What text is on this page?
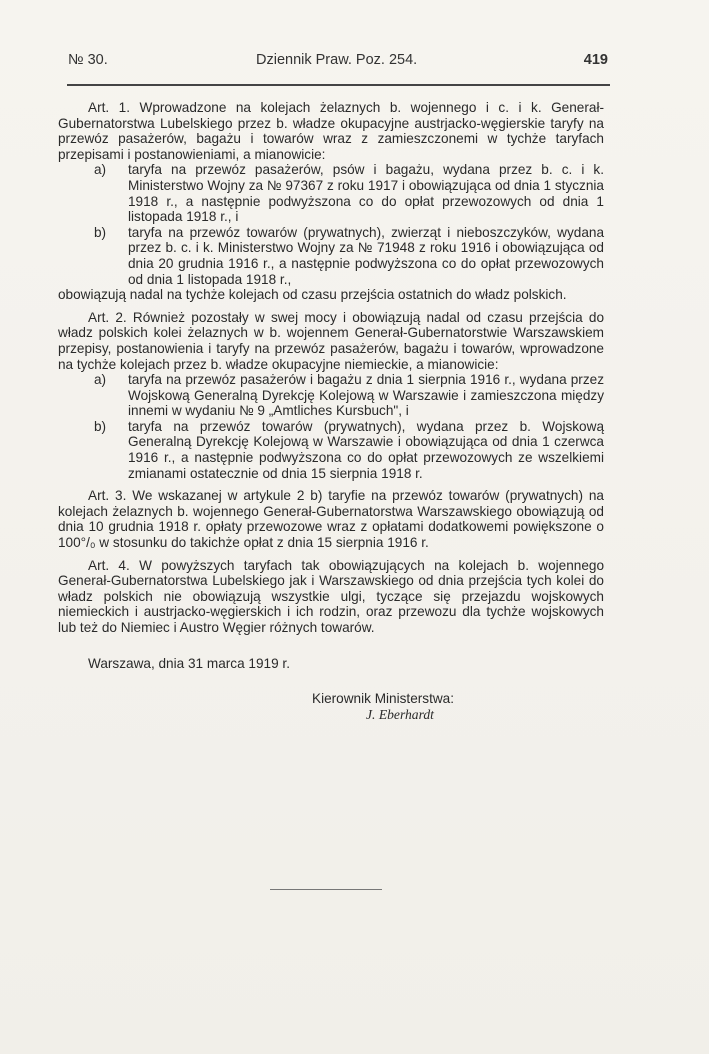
№ 30.	Dziennik Praw. Poz. 254.	419

Art. 1. Wprowadzone na kolejach żelaznych b. wojennego i c. i k. Generał-Gubernatorstwa Lubelskiego przez b. władze okupacyjne austrjacko-węgierskie taryfy na przewóz pasażerów, bagażu i towarów wraz z zamieszczonemi w tychże taryfach przepisami i postanowieniami, a mianowicie:

a)	taryfa na przewóz pasażerów, psów i bagażu, wydana przez b. c. i k. Ministerstwo Wojny za № 97367 z roku 1917 i obowiązująca od dnia 1 stycznia 1918 r., a następnie podwyższona co do opłat przewozowych od dnia 1 listopada 1918 r., i

b)	taryfa na przewóz towarów (prywatnych), zwierząt i nieboszczyków, wydana przez b. c. i k. Ministerstwo Wojny za № 71948 z roku 1916 i obowiązująca od dnia 20 grudnia 1916 r., a następnie podwyższona co do opłat przewozowych od dnia 1 listopada 1918 r.,

obowiązują nadal na tychże kolejach od czasu przejścia ostatnich do władz polskich.

Art. 2. Również pozostały w swej mocy i obowiązują nadal od czasu przejścia do władz polskich kolei żelaznych w b. wojennem Generał-Gubernatorstwie Warszawskiem przepisy, postanowienia i taryfy na przewóz pasażerów, bagażu i towarów, wprowadzone na tychże kolejach przez b. władze okupacyjne niemieckie, a mianowicie:

a)	taryfa na przewóz pasażerów i bagażu z dnia 1 sierpnia 1916 r., wydana przez Wojskową Generalną Dyrekcję Kolejową w Warszawie i zamieszczona między innemi w wydaniu № 9 „Amtliches Kursbuch", i

b)	taryfa na przewóz towarów (prywatnych), wydana przez b. Wojskową Generalną Dyrekcję Kolejową w Warszawie i obowiązująca od dnia 1 czerwca 1916 r., a następnie podwyższona co do opłat przewozowych ze wszelkiemi zmianami ostatecznie od dnia 15 sierpnia 1918 r.

Art. 3. We wskazanej w artykule 2 b) taryfie na przewóz towarów (prywatnych) na kolejach żelaznych b. wojennego Generał-Gubernatorstwa Warszawskiego obowiązują od dnia 10 grudnia 1918 r. opłaty przewozowe wraz z opłatami dodatkowemi powiększone o 100°/₀ w stosunku do takichże opłat z dnia 15 sierpnia 1916 r.

Art. 4. W powyższych taryfach tak obowiązujących na kolejach b. wojennego Generał-Gubernatorstwa Lubelskiego jak i Warszawskiego od dnia przejścia tych kolei do władz polskich nie obowiązują wszystkie ulgi, tyczące się przejazdu wojskowych niemieckich i austrjacko-węgierskich i ich rodzin, oraz przewozu dla tychże wojskowych lub też do Niemiec i Austro Węgier różnych towarów.

Warszawa, dnia 31 marca 1919 r.

Kierownik Ministerstwa:

J. Eberhardt
